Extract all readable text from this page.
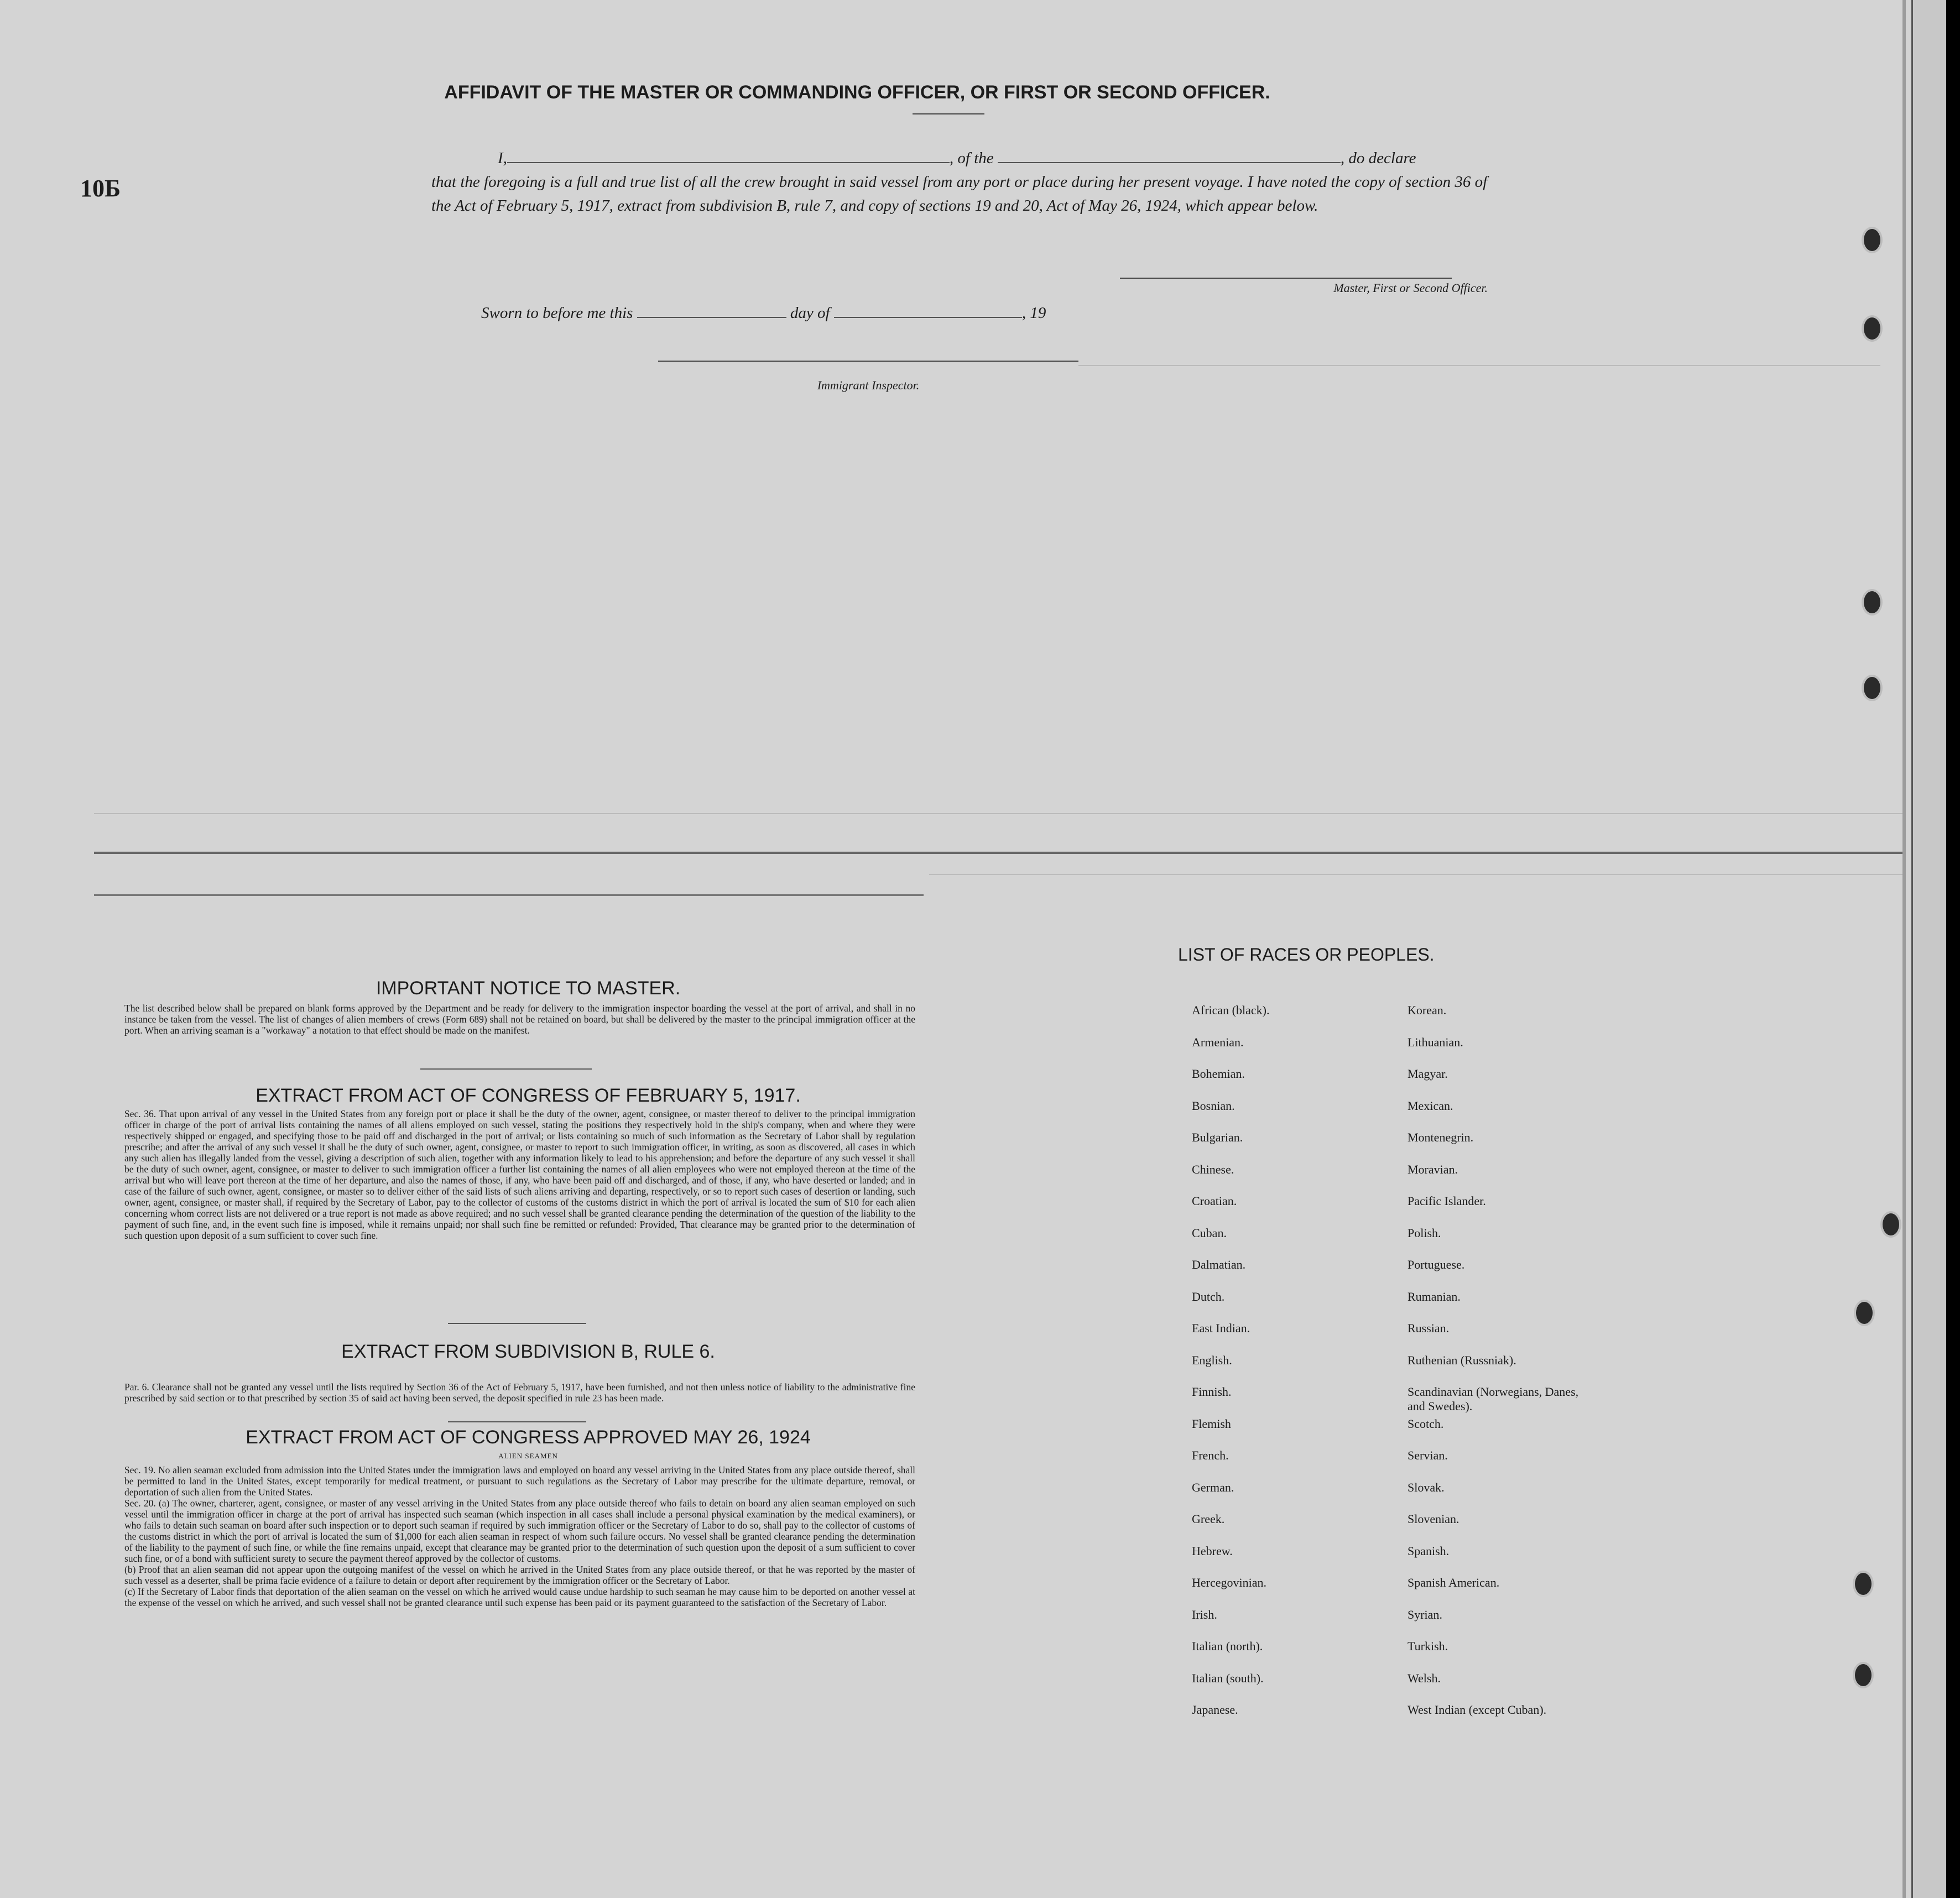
10Б
AFFIDAVIT OF THE MASTER OR COMMANDING OFFICER, OR FIRST OR SECOND OFFICER.
I,	, of the	, do declare
that the foregoing is a full and true list of all the crew brought in said vessel from any port or place during her present voyage. I have noted the copy of section 36 of the Act of February 5, 1917, extract from subdivision B, rule 7, and copy of sections 19 and 20, Act of May 26, 1924, which appear below.
Master, First or Second Officer.
Sworn to before me this	day of	, 19
Immigrant Inspector.
IMPORTANT NOTICE TO MASTER.
The list described below shall be prepared on blank forms approved by the Department and be ready for delivery to the immigration inspector boarding the vessel at the port of arrival, and shall in no instance be taken from the vessel. The list of changes of alien members of crews (Form 689) shall not be retained on board, but shall be delivered by the master to the principal immigration officer at the port. When an arriving seaman is a "workaway" a notation to that effect should be made on the manifest.
EXTRACT FROM ACT OF CONGRESS OF FEBRUARY 5, 1917.
Sec. 36. That upon arrival of any vessel in the United States from any foreign port or place it shall be the duty of the owner, agent, consignee, or master thereof to deliver to the principal immigration officer in charge of the port of arrival lists containing the names of all aliens employed on such vessel, stating the positions they respectively hold in the ship's company, when and where they were respectively shipped or engaged, and specifying those to be paid off and discharged in the port of arrival; or lists containing so much of such information as the Secretary of Labor shall by regulation prescribe; and after the arrival of any such vessel it shall be the duty of such owner, agent, consignee, or master to report to such immigration officer, in writing, as soon as discovered, all cases in which any such alien has illegally landed from the vessel, giving a description of such alien, together with any information likely to lead to his apprehension; and before the departure of any such vessel it shall be the duty of such owner, agent, consignee, or master to deliver to such immigration officer a further list containing the names of all alien employees who were not employed thereon at the time of the arrival but who will leave port thereon at the time of her departure, and also the names of those, if any, who have been paid off and discharged, and of those, if any, who have deserted or landed; and in case of the failure of such owner, agent, consignee, or master so to deliver either of the said lists of such aliens arriving and departing, respectively, or so to report such cases of desertion or landing, such owner, agent, consignee, or master shall, if required by the Secretary of Labor, pay to the collector of customs of the customs district in which the port of arrival is located the sum of $10 for each alien concerning whom correct lists are not delivered or a true report is not made as above required; and no such vessel shall be granted clearance pending the determination of the question of the liability to the payment of such fine, and, in the event such fine is imposed, while it remains unpaid; nor shall such fine be remitted or refunded: Provided, That clearance may be granted prior to the determination of such question upon deposit of a sum sufficient to cover such fine.
EXTRACT FROM SUBDIVISION B, RULE 6.
Par. 6. Clearance shall not be granted any vessel until the lists required by Section 36 of the Act of February 5, 1917, have been furnished, and not then unless notice of liability to the administrative fine prescribed by said section or to that prescribed by section 35 of said act having been served, the deposit specified in rule 23 has been made.
EXTRACT FROM ACT OF CONGRESS APPROVED MAY 26, 1924
ALIEN SEAMEN
Sec. 19. No alien seaman excluded from admission into the United States under the immigration laws and employed on board any vessel arriving in the United States from any place outside thereof, shall be permitted to land in the United States, except temporarily for medical treatment, or pursuant to such regulations as the Secretary of Labor may prescribe for the ultimate departure, removal, or deportation of such alien from the United States.
Sec. 20. (a) The owner, charterer, agent, consignee, or master of any vessel arriving in the United States from any place outside thereof who fails to detain on board any alien seaman employed on such vessel until the immigration officer in charge at the port of arrival has inspected such seaman (which inspection in all cases shall include a personal physical examination by the medical examiners), or who fails to detain such seaman on board after such inspection or to deport such seaman if required by such immigration officer or the Secretary of Labor to do so, shall pay to the collector of customs of the customs district in which the port of arrival is located the sum of $1,000 for each alien seaman in respect of whom such failure occurs. No vessel shall be granted clearance pending the determination of the liability to the payment of such fine, or while the fine remains unpaid, except that clearance may be granted prior to the determination of such question upon the deposit of a sum sufficient to cover such fine, or of a bond with sufficient surety to secure the payment thereof approved by the collector of customs.
(b) Proof that an alien seaman did not appear upon the outgoing manifest of the vessel on which he arrived in the United States from any place outside thereof, or that he was reported by the master of such vessel as a deserter, shall be prima facie evidence of a failure to detain or deport after requirement by the immigration officer or the Secretary of Labor.
(c) If the Secretary of Labor finds that deportation of the alien seaman on the vessel on which he arrived would cause undue hardship to such seaman he may cause him to be deported on another vessel at the expense of the vessel on which he arrived, and such vessel shall not be granted clearance until such expense has been paid or its payment guaranteed to the satisfaction of the Secretary of Labor.
LIST OF RACES OR PEOPLES.
African (black).
Armenian.
Bohemian.
Bosnian.
Bulgarian.
Chinese.
Croatian.
Cuban.
Dalmatian.
Dutch.
East Indian.
English.
Finnish.
Flemish
French.
German.
Greek.
Hebrew.
Hercegovinian.
Irish.
Italian (north).
Italian (south).
Japanese.
Korean.
Lithuanian.
Magyar.
Mexican.
Montenegrin.
Moravian.
Pacific Islander.
Polish.
Portuguese.
Rumanian.
Russian.
Ruthenian (Russniak).
Scandinavian (Norwegians, Danes, and Swedes).
Scotch.
Servian.
Slovak.
Slovenian.
Spanish.
Spanish American.
Syrian.
Turkish.
Welsh.
West Indian (except Cuban).
